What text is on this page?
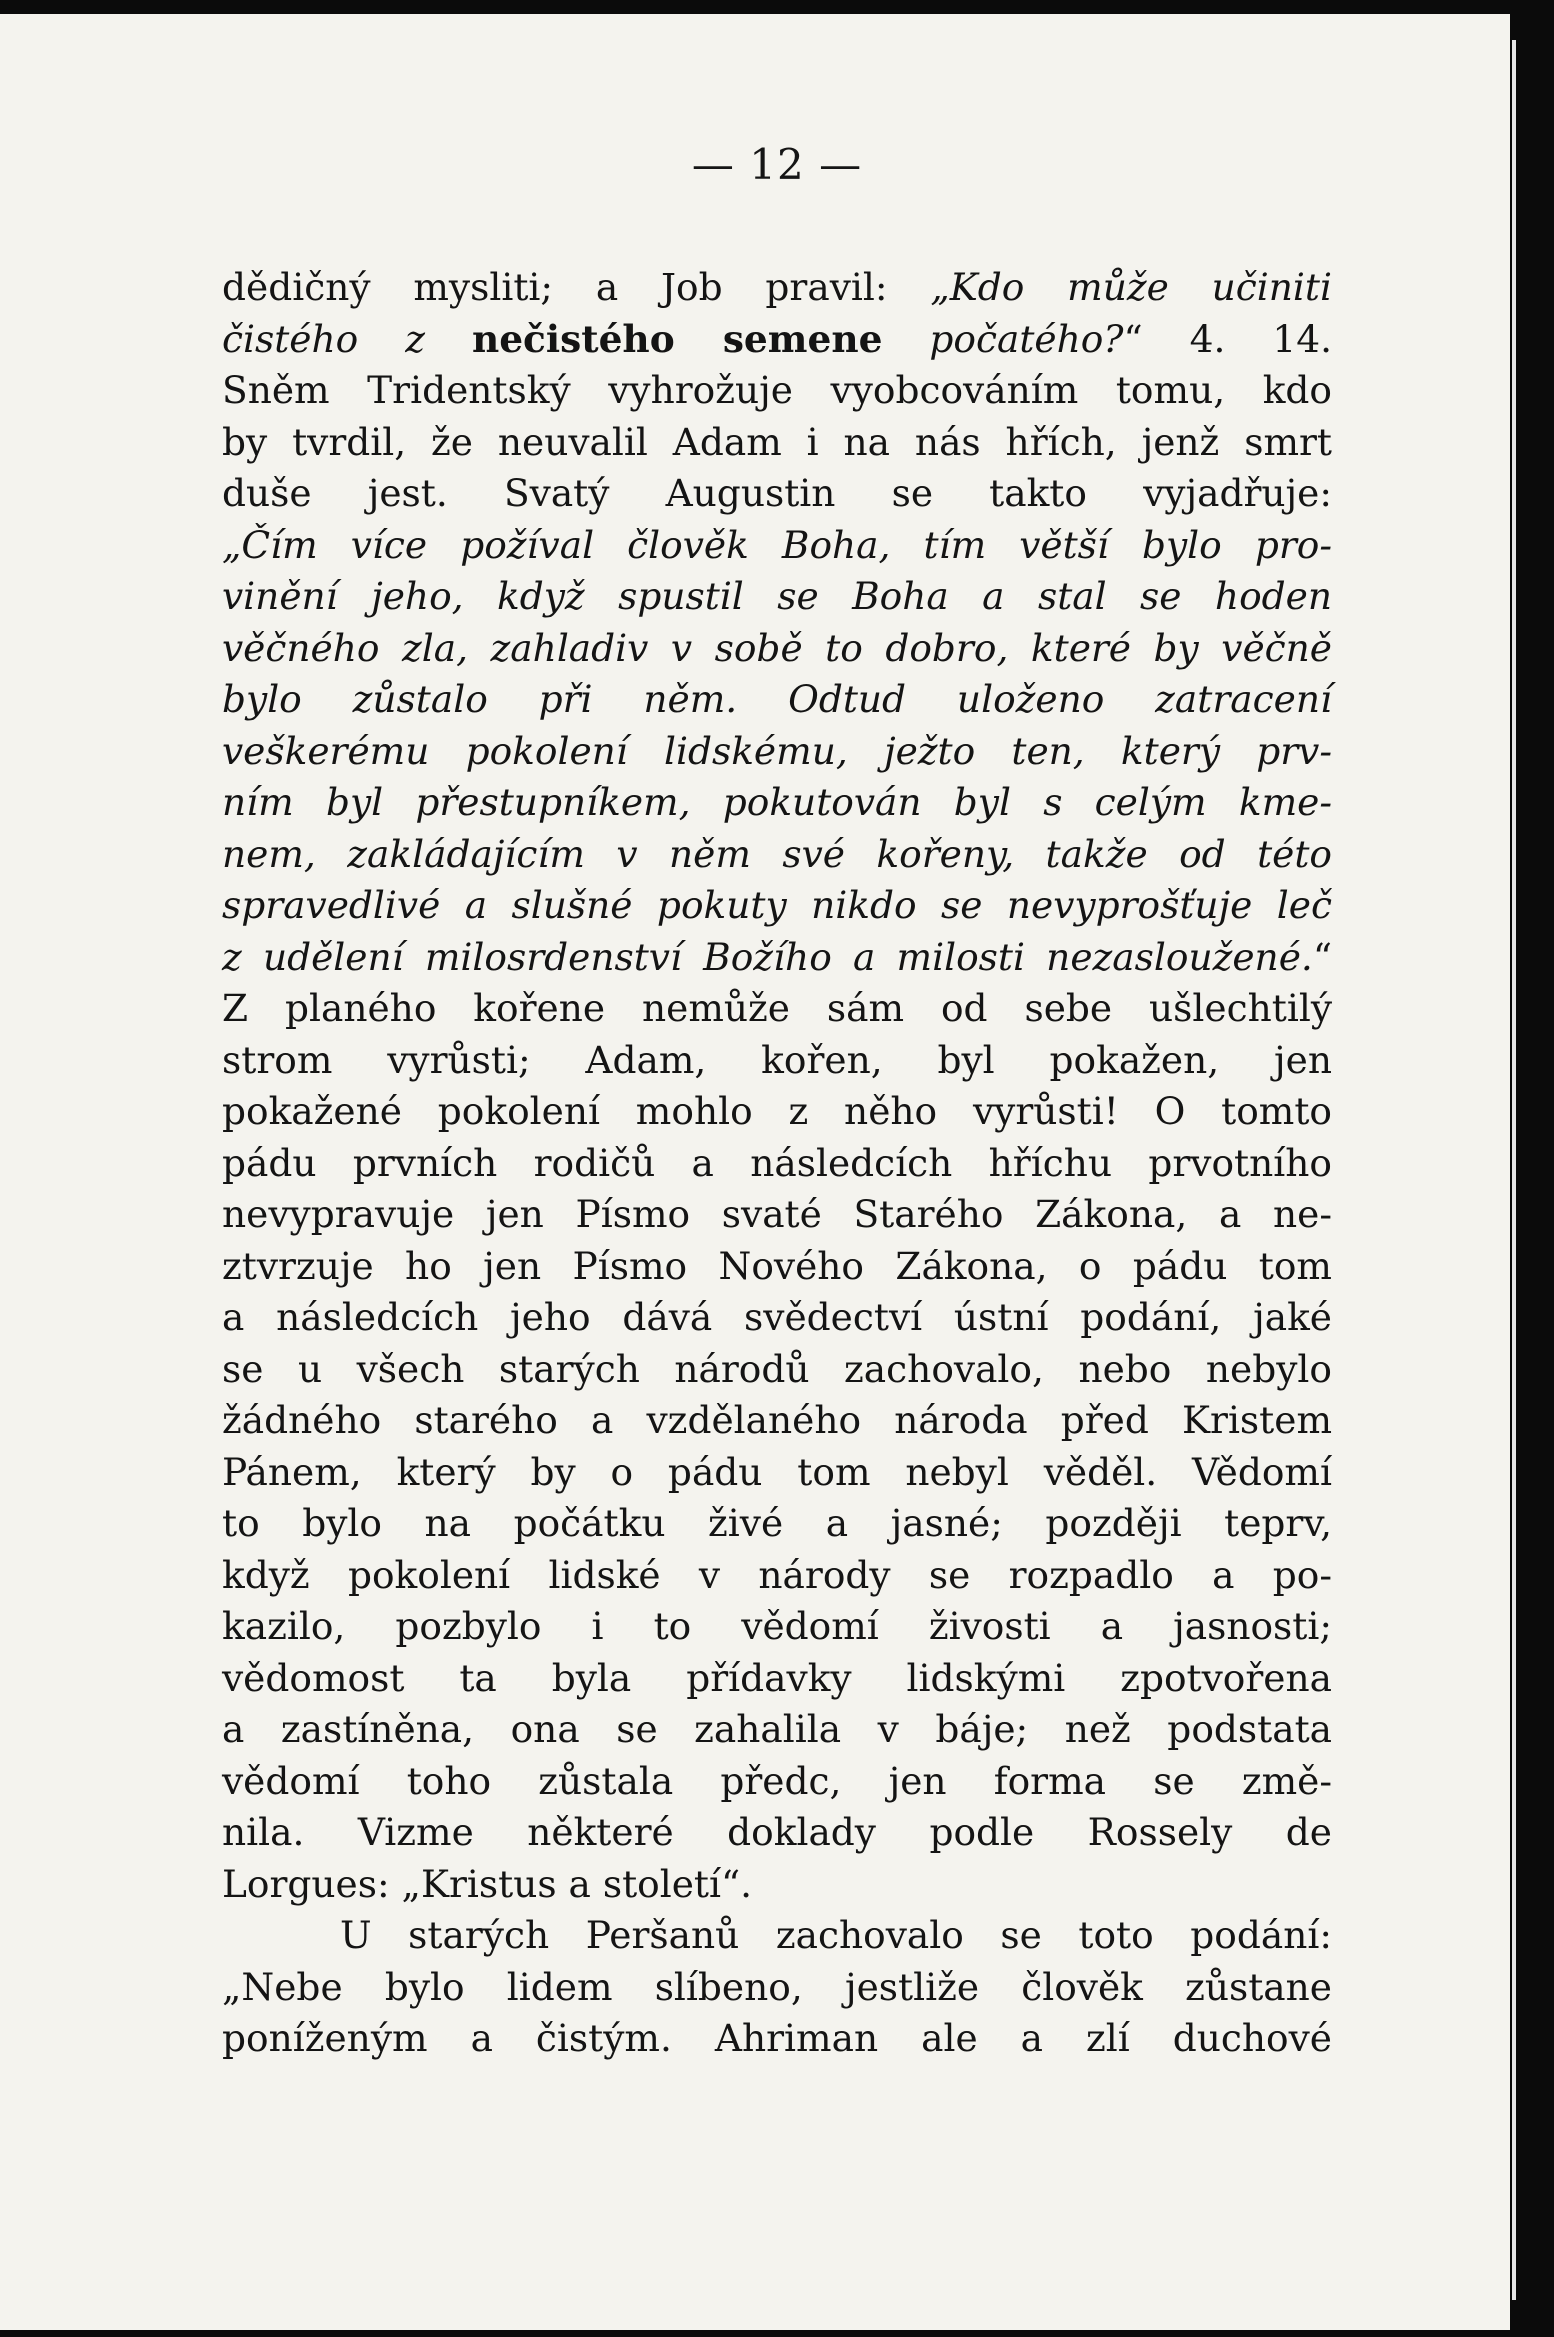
— 12 —
dědičný mysliti; a Job pravil: „Kdo může učiniti
čistého z nečistého semene počatého?“ 4. 14.
Sněm Tridentský vyhrožuje vyobcováním tomu, kdo
by tvrdil, že neuvalil Adam i na nás hřích, jenž smrt
duše jest. Svatý Augustin se takto vyjadřuje:
„Čím více požíval člověk Boha, tím větší bylo pro-
vinění jeho, když spustil se Boha a stal se hoden
věčného zla, zahladiv v sobě to dobro, které by věčně
bylo zůstalo při něm. Odtud uloženo zatracení
veškerému pokolení lidskému, ježto ten, který prv-
ním byl přestupníkem, pokutován byl s celým kme-
nem, zakládajícím v něm své kořeny, takže od této
spravedlivé a slušné pokuty nikdo se nevyprošťuje leč
z udělení milosrdenství Božího a milosti nezasloužené.“
Z planého kořene nemůže sám od sebe ušlechtilý
strom vyrůsti; Adam, kořen, byl pokažen, jen
pokažené pokolení mohlo z něho vyrůsti! O tomto
pádu prvních rodičů a následcích hříchu prvotního
nevypravuje jen Písmo svaté Starého Zákona, a ne-
ztvrzuje ho jen Písmo Nového Zákona, o pádu tom
a následcích jeho dává svědectví ústní podání, jaké
se u všech starých národů zachovalo, nebo nebylo
žádného starého a vzdělaného národa před Kristem
Pánem, který by o pádu tom nebyl věděl. Vědomí
to bylo na počátku živé a jasné; později teprv,
když pokolení lidské v národy se rozpadlo a po-
kazilo, pozbylo i to vědomí živosti a jasnosti;
vědomost ta byla přídavky lidskými zpotvořena
a zastíněna, ona se zahalila v báje; než podstata
vědomí toho zůstala předc, jen forma se změ-
nila. Vizme některé doklady podle Rossely de
Lorgues: „Kristus a století“.
U starých Peršanů zachovalo se toto podání:
„Nebe bylo lidem slíbeno, jestliže člověk zůstane
poníženým a čistým. Ahriman ale a zlí duchové
